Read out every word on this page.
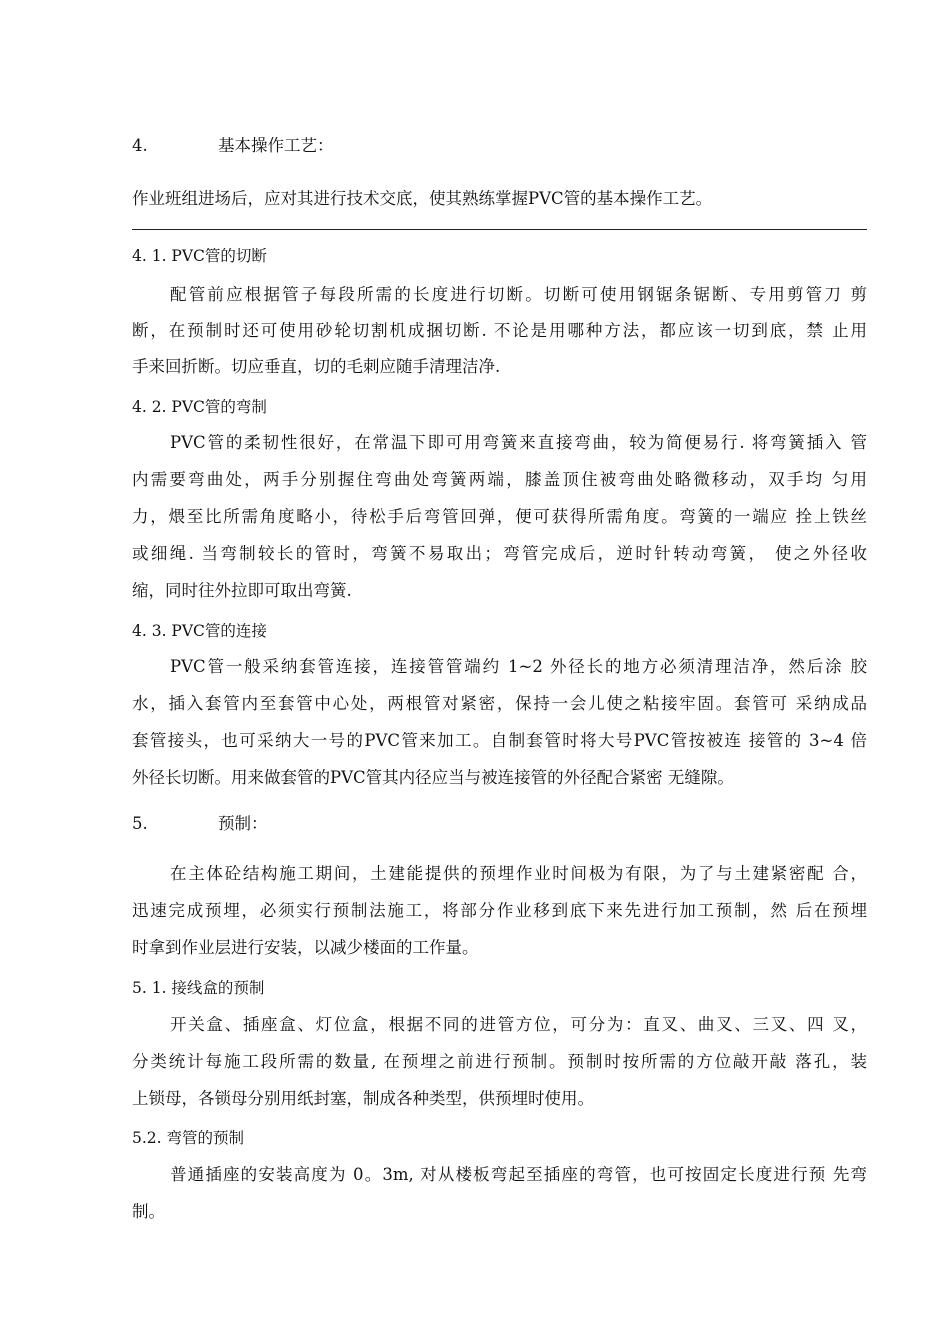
4.	基本操作工艺：
作业班组进场后，应对其进行技术交底，使其熟练掌握PVC管的基本操作工艺。
4. 1. PVC管的切断
配管前应根据管子每段所需的长度进行切断。切断可使用钢锯条锯断、专用剪管刀 剪
断，在预制时还可使用砂轮切割机成捆切断. 不论是用哪种方法，都应该一切到底，禁 止用
手来回折断。切应垂直，切的毛刺应随手清理洁净.
4. 2. PVC管的弯制
PVC管的柔韧性很好，在常温下即可用弯簧来直接弯曲，较为简便易行. 将弯簧插入 管
内需要弯曲处，两手分别握住弯曲处弯簧两端，膝盖顶住被弯曲处略微移动，双手均 匀用
力，煨至比所需角度略小，待松手后弯管回弹，便可获得所需角度。弯簧的一端应 拴上铁丝
或细绳. 当弯制较长的管时，弯簧不易取出；弯管完成后，逆时针转动弯簧， 使之外径收
缩，同时往外拉即可取出弯簧.
4. 3. PVC管的连接
PVC管一般采纳套管连接，连接管管端约 1~2 外径长的地方必须清理洁净，然后涂 胶
水，插入套管内至套管中心处，两根管对紧密，保持一会儿使之粘接牢固。套管可 采纳成品
套管接头，也可采纳大一号的PVC管来加工。自制套管时将大号PVC管按被连 接管的 3~4 倍
外径长切断。用来做套管的PVC管其内径应当与被连接管的外径配合紧密 无缝隙。
5.	预制：
在主体砼结构施工期间，土建能提供的预埋作业时间极为有限，为了与土建紧密配 合，
迅速完成预埋，必须实行预制法施工，将部分作业移到底下来先进行加工预制，然 后在预埋
时拿到作业层进行安装，以减少楼面的工作量。
5. 1. 接线盒的预制
开关盒、插座盒、灯位盒，根据不同的进管方位，可分为：直叉、曲叉、三叉、四 叉，
分类统计每施工段所需的数量, 在预埋之前进行预制。预制时按所需的方位敲开敲 落孔，装
上锁母，各锁母分别用纸封塞，制成各种类型，供预埋时使用。
5.2. 弯管的预制
普通插座的安装高度为 0。3m, 对从楼板弯起至插座的弯管，也可按固定长度进行预 先弯
制。
